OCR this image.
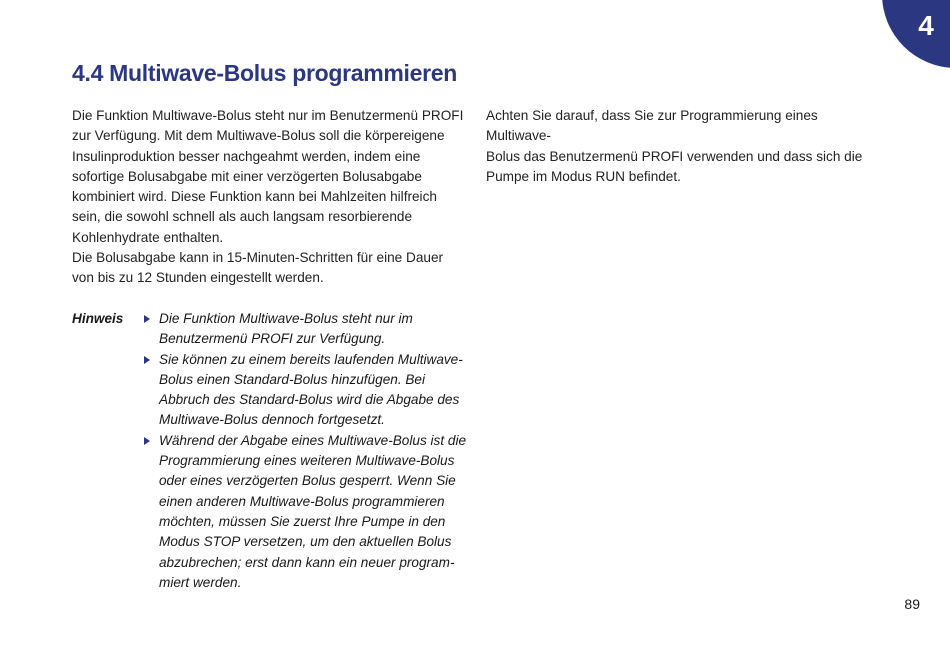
4
4.4 Multiwave-Bolus programmieren

Die Funktion Multiwave-Bolus steht nur im Benutzermenü PROFI
zur Verfügung. Mit dem Multiwave-Bolus soll die körpereigene
Insulinproduktion besser nachgeahmt werden, indem eine
sofortige Bolusabgabe mit einer verzögerten Bolusabgabe
kombiniert wird. Diese Funktion kann bei Mahlzeiten hilfreich
sein, die sowohl schnell als auch langsam resorbierende
Kohlenhydrate enthalten.

Die Bolusabgabe kann in 15-Minuten-Schritten für eine Dauer
von bis zu 12 Stunden eingestellt werden.

Achten Sie darauf, dass Sie zur Programmierung eines Multiwave-
Bolus das Benutzermenü PROFI verwenden und dass sich die
Pumpe im Modus RUN befindet.

Hinweis	Die Funktion Multiwave-Bolus steht nur im
Benutzermenü PROFI zur Verfügung.
Sie können zu einem bereits laufenden Multiwave-
Bolus einen Standard-Bolus hinzufügen. Bei
Abbruch des Standard-Bolus wird die Abgabe des
Multiwave-Bolus dennoch fortgesetzt.
Während der Abgabe eines Multiwave-Bolus ist die
Programmierung eines weiteren Multiwave-Bolus
oder eines verzögerten Bolus gesperrt. Wenn Sie
einen anderen Multiwave-Bolus programmieren
möchten, müssen Sie zuerst Ihre Pumpe in den
Modus STOP versetzen, um den aktuellen Bolus
abzubrechen; erst dann kann ein neuer program-
miert werden.
89
